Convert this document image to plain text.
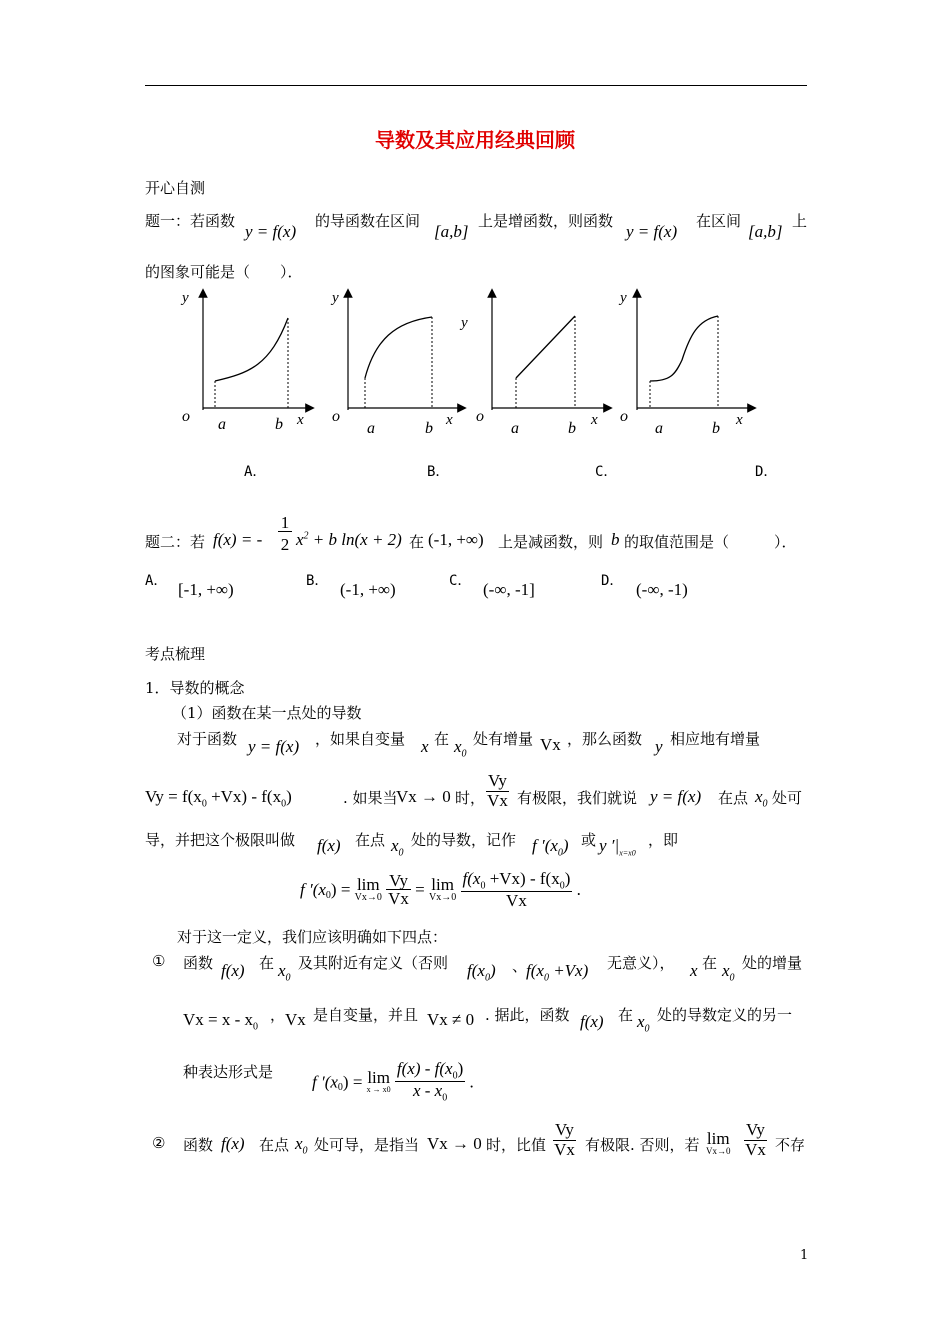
导数及其应用经典回顾
开心自测
题一：若函数
y = f(x)
的导函数在区间
[a,b]
上是增函数，则函数
y = f(x)
在区间
[a,b]
上
的图象可能是（　　）．
y
o a	b x
y
o
a	b x
y
o
a	b x
y
o
a	b x
A．	B．	C．	D．
题二：若 f(x) = -
1
2 $x^2 + b$ ln(x + 2) 在 (-1, +∞) 上是减函数，则 b 的取值范围是（　　　）．
A． [-1, +∞)	B． (-1, +∞)	C． (-∞, -1]	D． (-∞, -1)
考点梳理
1．导数的概念
（1）函数在某一点处的导数
对于函数 y = f(x) ，如果自变量 x 在 $x_0$
处有增量 Vx ，那么函数 y 相应地有增量
$Vy = f(x_0 +Vx) - f(x_0)$	. 如果当
Vx → 0 时，
Vy
Vx 有极限，我们就说 y = f(x) 在点 $x_0$ 处可
导，并把这个极限叫做 f(x) 在点 $x_0$
处的导数，记作 f $'(x_0)$ 或 y $'|_{x=x0}$
，即
f $'(x_0) = \lim$
Vx→0
$\frac{Vy}{Vx} = \lim$
Vx→0
$\frac{f(x_0 +Vx) - f(x_0)}{Vx}$ .
对于这一定义，我们应该明确如下四点：
① 函数 f(x) 在 $x_0$
及其附近有定义（否则 $f(x_0)$ 、
$f(x_0 +Vx)$ 无意义）， x 在 $x_0$
处的增量
$Vx = x - x_0$
， Vx 是自变量，并且 Vx ≠ 0 . 据此，函数 f(x) 在 $x_0$
处的导数定义的另一
种表达形式是
f $'(x_0) = \lim$
x → x0
$\frac{f(x) - f(x_0)}{x - x_0}$ .
② 函数 f(x) 在点 $x_0$ 处可导，是指当 Vx → 0 时，比值
Vy
Vx 有极限. 否则，若 lim
Vx→0
Vy
Vx 不存
1
